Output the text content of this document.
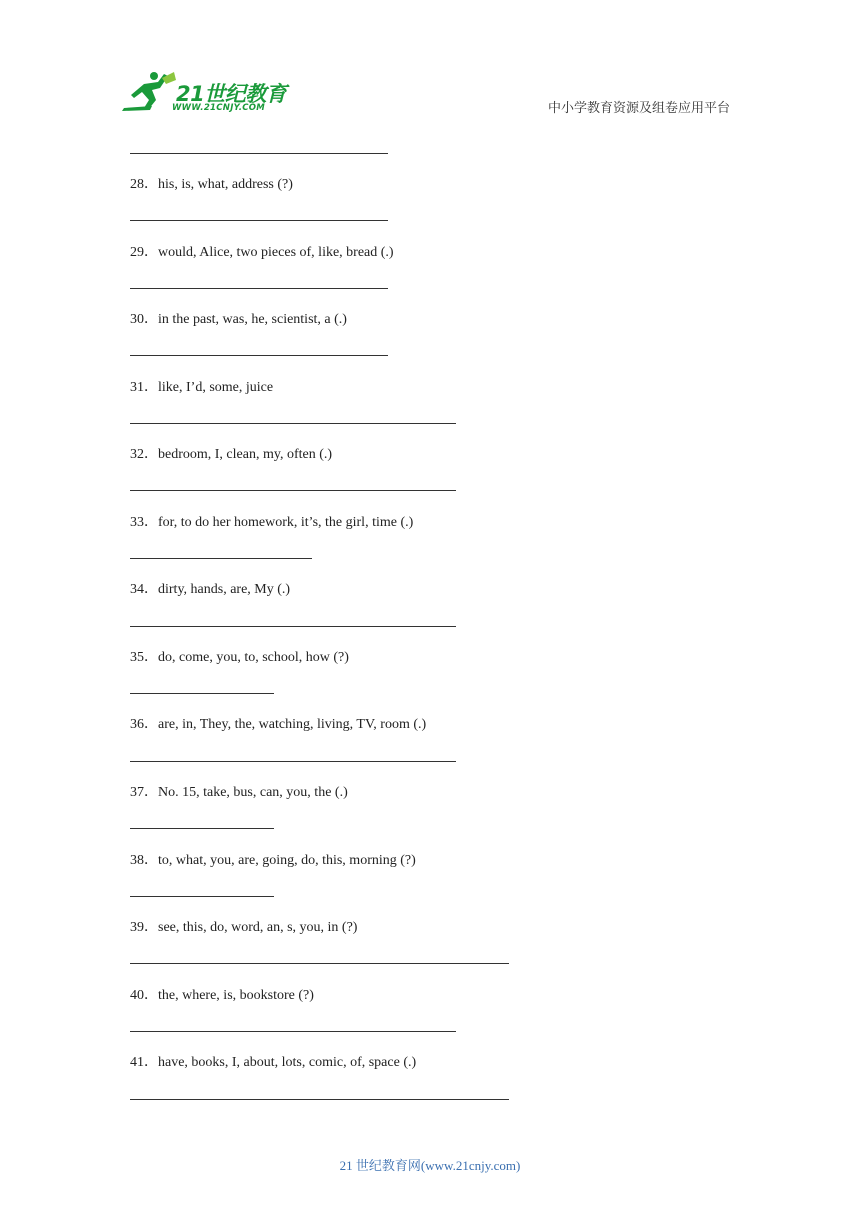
21世纪教育
WWW.21CNJY.COM	中小学教育资源及组卷应用平台
28．his, is, what, address (?)
29．would, Alice, two pieces of, like, bread (.)
30．in the past, was, he, scientist, a (.)
31．like, I’d, some, juice
32．bedroom, I, clean, my, often (.)
33．for, to do her homework, it’s, the girl, time (.)
34．dirty, hands, are, My (.)
35．do, come, you, to, school, how (?)
36．are, in, They, the, watching, living, TV, room (.)
37．No. 15, take, bus, can, you, the (.)
38．to, what, you, are, going, do, this, morning (?)
39．see, this, do, word, an, s, you, in (?)
40．the, where, is, bookstore (?)
41．have, books, I, about, lots, comic, of, space (.)
21 世纪教育网(www.21cnjy.com)
